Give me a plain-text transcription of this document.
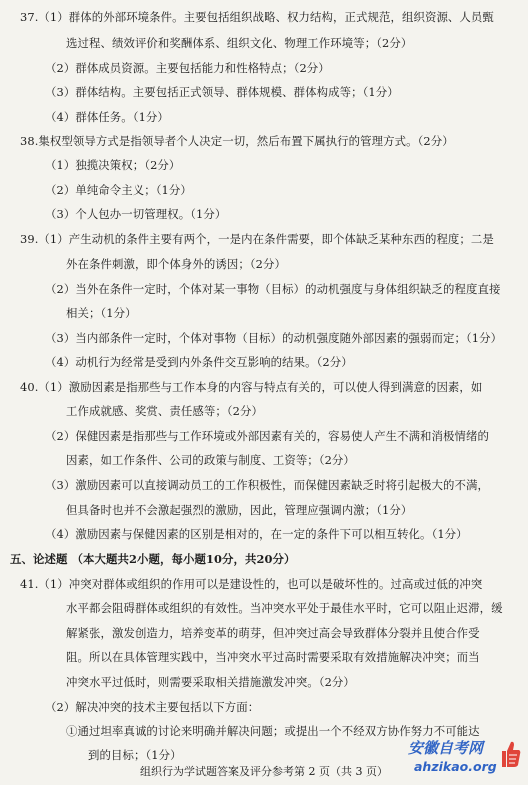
37.（1）群体的外部环境条件。主要包括组织战略、权力结构，正式规范，组织资源、人员甄
选过程、绩效评价和奖酬体系、组织文化、物理工作环境等；（2分）
（2）群体成员资源。主要包括能力和性格特点；（2分）
（3）群体结构。主要包括正式领导、群体规模、群体构成等；（1分）
（4）群体任务。（1分）
38.集权型领导方式是指领导者个人决定一切，然后布置下属执行的管理方式。（2分）
（1）独揽决策权；（2分）
（2）单纯命令主义；（1分）
（3）个人包办一切管理权。（1分）
39.（1）产生动机的条件主要有两个，一是内在条件需要，即个体缺乏某种东西的程度；二是
外在条件刺激，即个体身外的诱因；（2分）
（2）当外在条件一定时，个体对某一事物（目标）的动机强度与身体组织缺乏的程度直接
相关；（1分）
（3）当内部条件一定时，个体对事物（目标）的动机强度随外部因素的强弱而定；（1分）
（4）动机行为经常是受到内外条件交互影响的结果。（2分）
40.（1）激励因素是指那些与工作本身的内容与特点有关的，可以使人得到满意的因素，如
工作成就感、奖赏、责任感等；（2分）
（2）保健因素是指那些与工作环境或外部因素有关的，容易使人产生不满和消极情绪的
因素，如工作条件、公司的政策与制度、工资等；（2分）
（3）激励因素可以直接调动员工的工作积极性，而保健因素缺乏时将引起极大的不满，
但具备时也并不会激起强烈的激励，因此，管理应强调内激；（1分）
（4）激励因素与保健因素的区别是相对的，在一定的条件下可以相互转化。（1分）
五、论述题 （本大题共2小题，每小题10分，共20分）
41.（1）冲突对群体或组织的作用可以是建设性的，也可以是破坏性的。过高或过低的冲突
水平都会阻碍群体或组织的有效性。当冲突水平处于最佳水平时，它可以阻止迟滞，缓
解紧张，激发创造力，培养变革的萌芽，但冲突过高会导致群体分裂并且使合作受
阻。所以在具体管理实践中，当冲突水平过高时需要采取有效措施解决冲突；而当
冲突水平过低时，则需要采取相关措施激发冲突。（2分）
（2）解决冲突的技术主要包括以下方面：
①通过坦率真诚的讨论来明确并解决问题；或提出一个不经双方协作努力不可能达
到的目标；（1分）
组织行为学试题答案及评分参考第 2 页（共 3 页）
安徽自考网
ahzikao.org
